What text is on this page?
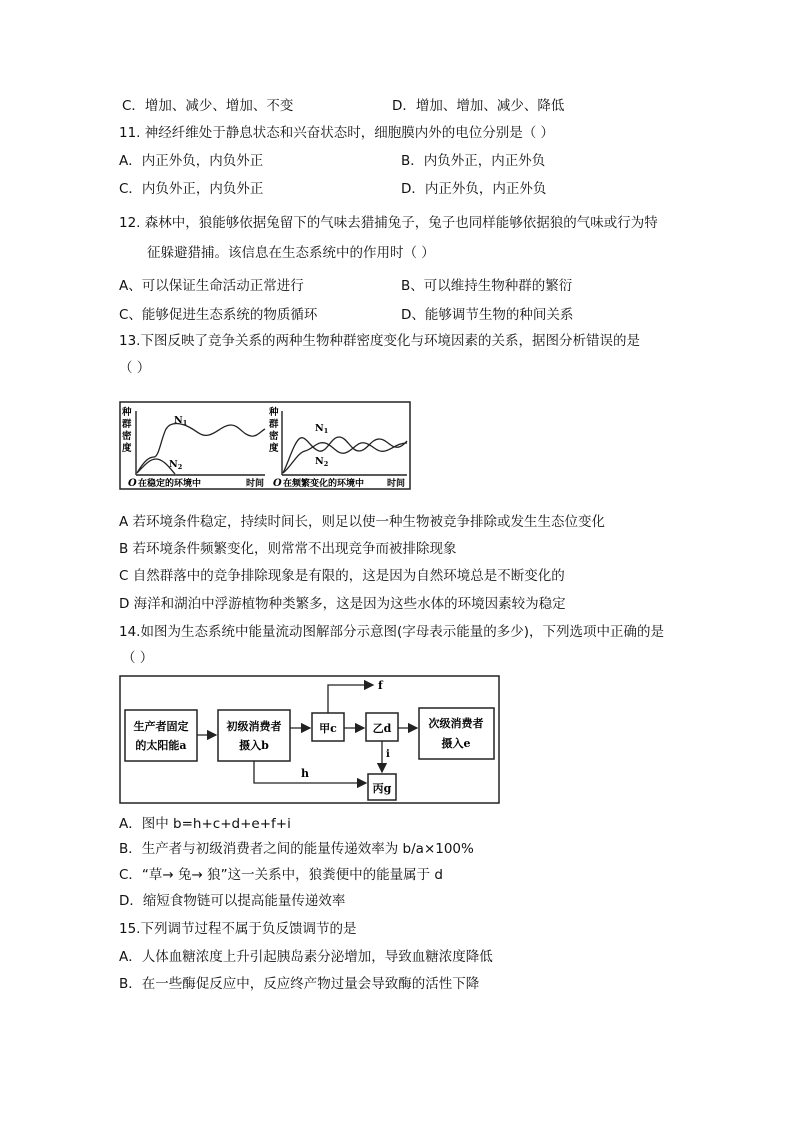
C．增加、减少、增加、不变	D．增加、增加、减少、降低
11. 神经纤维处于静息状态和兴奋状态时，细胞膜内外的电位分别是（ ）
A．内正外负，内负外正	B．内负外正，内正外负
C．内负外正，内负外正	D．内正外负，内正外负
12. 森林中，狼能够依据兔留下的气味去猎捕兔子，兔子也同样能够依据狼的气味或行为特
征躲避猎捕。该信息在生态系统中的作用时（ ）
A、可以保证生命活动正常进行	B、可以维持生物种群的繁衍
C、能够促进生态系统的物质循环	D、能够调节生物的种间关系
13.下图反映了竞争关系的两种生物种群密度变化与环境因素的关系，据图分析错误的是
（ ）
种
群
密
度
$N_1$
$N_2$
O 在稳定的环境中	时间
种
群
密
度
$N_1$
$N_2$
O 在频繁变化的环境中	时间
A 若环境条件稳定，持续时间长，则足以使一种生物被竞争排除或发生生态位变化
B 若环境条件频繁变化，则常常不出现竞争而被排除现象
C 自然群落中的竞争排除现象是有限的，这是因为自然环境总是不断变化的
D 海洋和湖泊中浮游植物种类繁多，这是因为这些水体的环境因素较为稳定
14.如图为生态系统中能量流动图解部分示意图(字母表示能量的多少)，下列选项中正确的是
（ ）
生产者固定
的太阳能a
初级消费者
摄入b
甲c	乙d	次级消费者
摄入e
丙g
f
i
h
A．图中 b=h+c+d+e+f+i
B．生产者与初级消费者之间的能量传递效率为 b/a×100%
C．“草→ 兔→ 狼”这一关系中，狼粪便中的能量属于 d
D．缩短食物链可以提高能量传递效率
15.下列调节过程不属于负反馈调节的是
A．人体血糖浓度上升引起胰岛素分泌增加，导致血糖浓度降低
B．在一些酶促反应中，反应终产物过量会导致酶的活性下降
